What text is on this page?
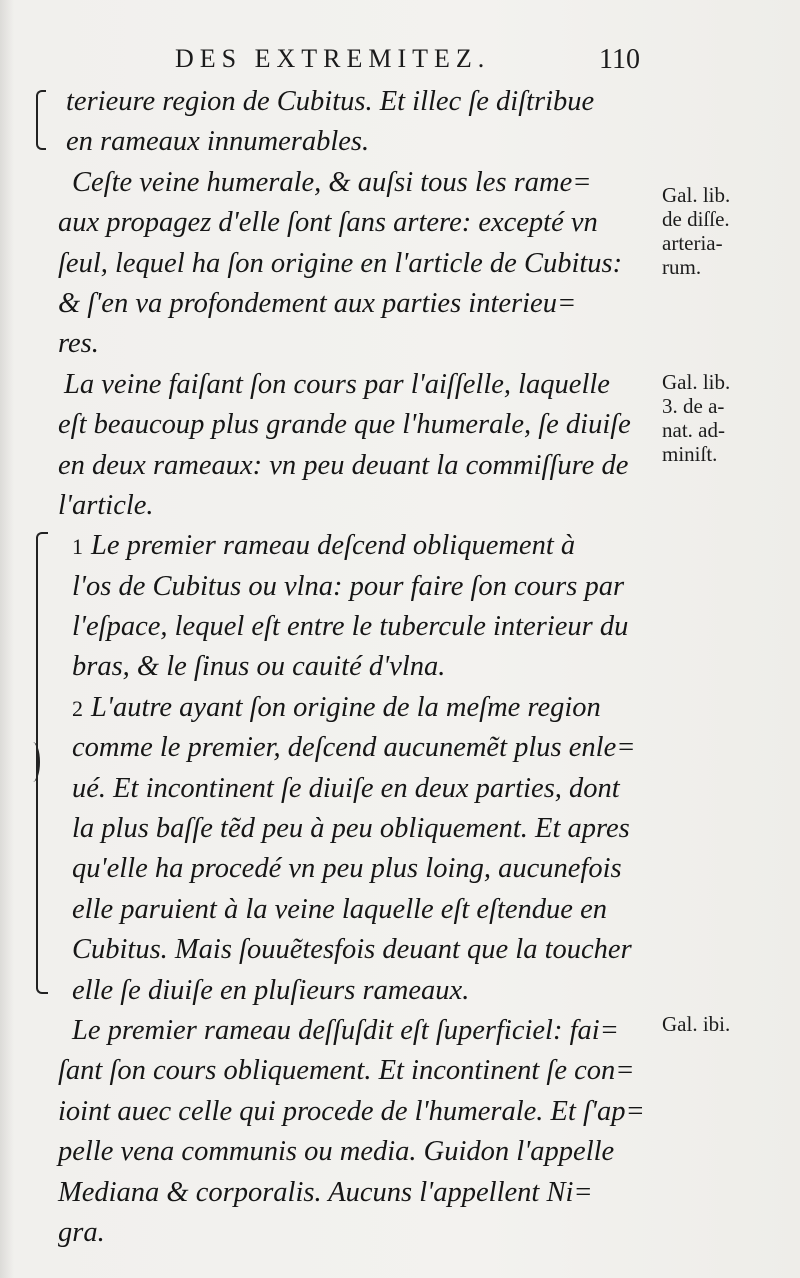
DES EXTREMITEZ.	110
terieure region de Cubitus. Et illec ſe diſtribue
en rameaux innumerables.
Ceſte veine humerale, & auſsi tous les rame=
aux propagez d'elle ſont ſans artere: excepté vn
ſeul, lequel ha ſon origine en l'article de Cubitus:
& ſ'en va profondement aux parties interieu=
res.
La veine faiſant ſon cours par l'aiſſelle, laquelle
eſt beaucoup plus grande que l'humerale, ſe diuiſe
en deux rameaux: vn peu deuant la commiſſure de
l'article.
1 Le premier rameau deſcend obliquement à
l'os de Cubitus ou vlna: pour faire ſon cours par
l'eſpace, lequel eſt entre le tubercule interieur du
bras, & le ſinus ou cauité d'vlna.
2 L'autre ayant ſon origine de la meſme region
comme le premier, deſcend aucunemẽt plus enle=
ué. Et incontinent ſe diuiſe en deux parties, dont
la plus baſſe tẽd peu à peu obliquement. Et apres
qu'elle ha procedé vn peu plus loing, aucunefois
elle paruient à la veine laquelle eſt eſtendue en
Cubitus. Mais ſouuẽtesfois deuant que la toucher
elle ſe diuiſe en pluſieurs rameaux.
Le premier rameau deſſuſdit eſt ſuperficiel: fai=
ſant ſon cours obliquement. Et incontinent ſe con=
ioint auec celle qui procede de l'humerale. Et ſ'ap=
pelle vena communis ou media. Guidon l'appelle
Mediana & corporalis. Aucuns l'appellent Ni=
gra.
Gal. lib.
de diſſe.
arteria-
rum.
Gal. lib.
3. de a-
nat. ad-
miniſt.
Gal. ibi.
